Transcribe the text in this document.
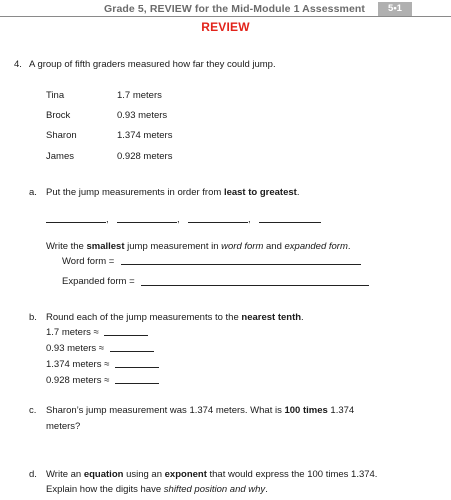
Grade 5, REVIEW for the Mid-Module 1 Assessment	5•1
REVIEW
4. A group of fifth graders measured how far they could jump.
Tina	1.7 meters
Brock	0.93 meters
Sharon	1.374 meters
James	0.928 meters
a. Put the jump measurements in order from least to greatest.
,	,	,
Write the smallest jump measurement in word form and expanded form.
Word form =
Expanded form =
b. Round each of the jump measurements to the nearest tenth.
1.7 meters ≈
0.93 meters ≈
1.374 meters ≈
0.928 meters ≈
c. Sharon’s jump measurement was 1.374 meters. What is 100 times 1.374
meters?
d. Write an equation using an exponent that would express the 100 times 1.374.
Explain how the digits have shifted position and why.
